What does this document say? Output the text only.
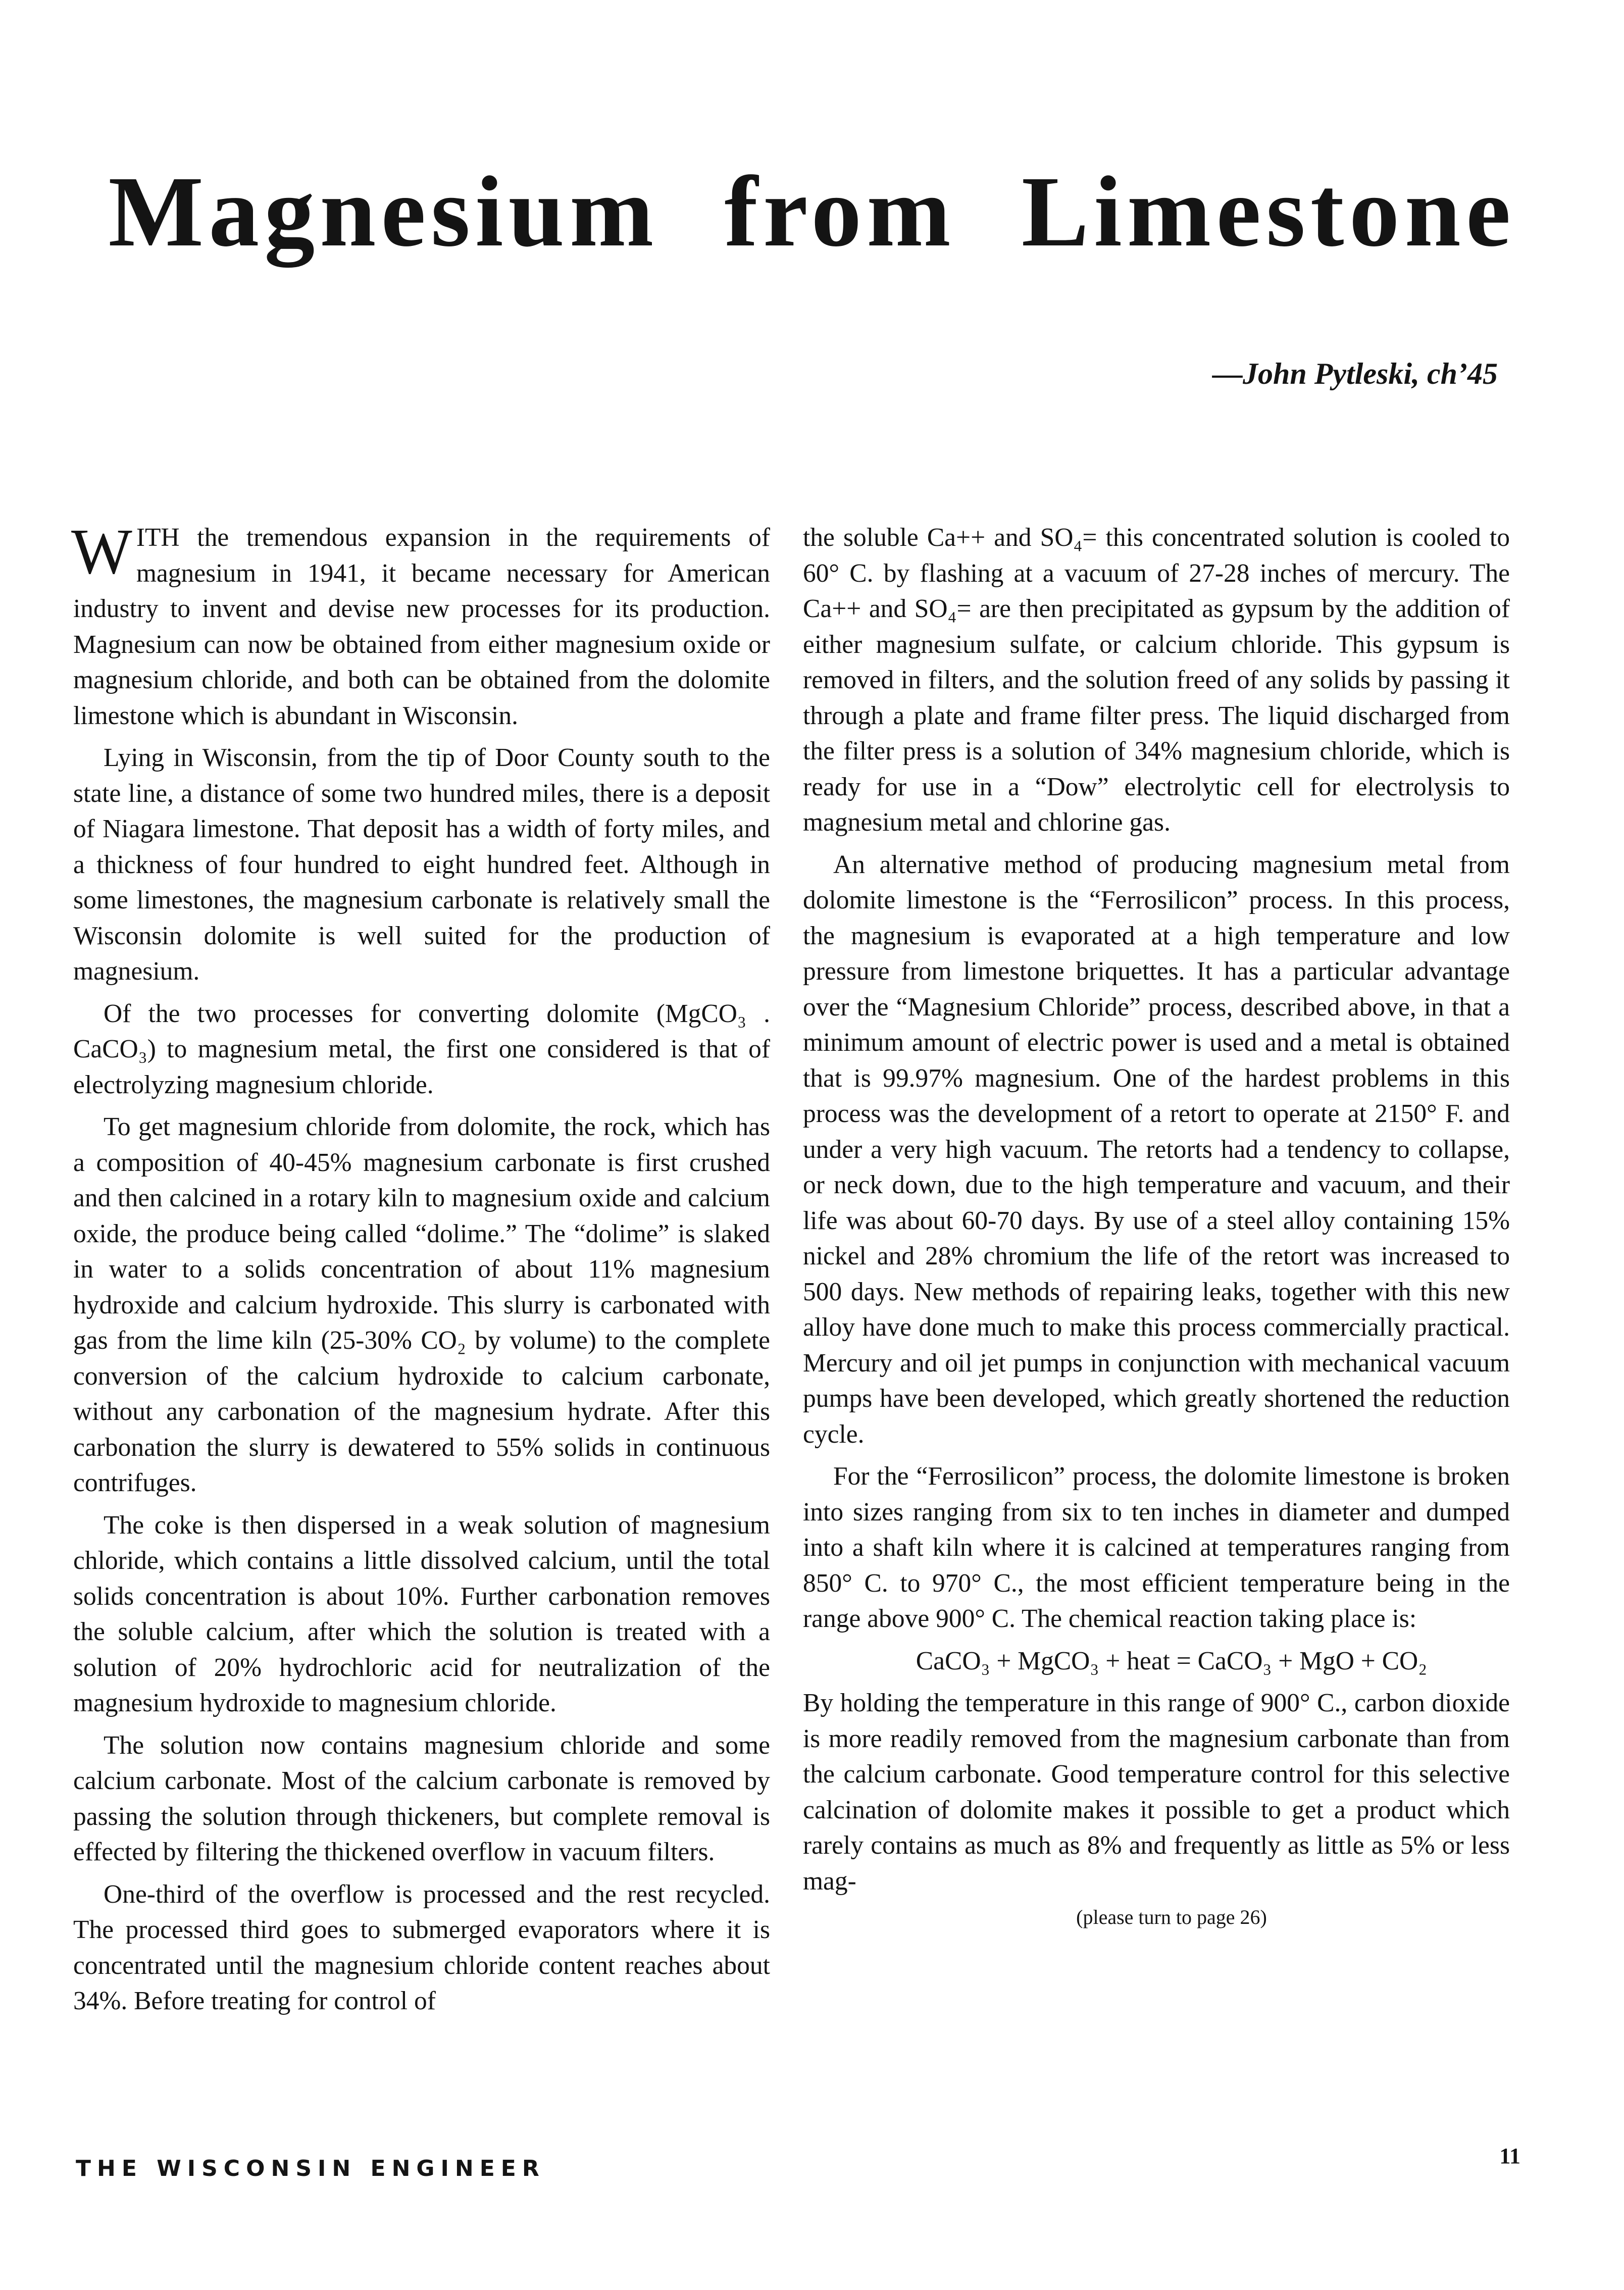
Magnesium from Limestone

—John Pytleski, ch’45

WITH the tremendous expansion in the requirements of magnesium in 1941, it became necessary for American industry to invent and devise new processes for its production. Magnesium can now be obtained from either magnesium oxide or magnesium chloride, and both can be obtained from the dolomite limestone which is abundant in Wisconsin.

Lying in Wisconsin, from the tip of Door County south to the state line, a distance of some two hundred miles, there is a deposit of Niagara limestone. That deposit has a width of forty miles, and a thickness of four hundred to eight hundred feet. Although in some limestones, the magnesium carbonate is relatively small the Wisconsin dolomite is well suited for the production of magnesium.

Of the two processes for converting dolomite (MgCO₃ . CaCO₃) to magnesium metal, the first one considered is that of electrolyzing magnesium chloride.

To get magnesium chloride from dolomite, the rock, which has a composition of 40-45% magnesium carbonate is first crushed and then calcined in a rotary kiln to magnesium oxide and calcium oxide, the produce being called “dolime.” The “dolime” is slaked in water to a solids concentration of about 11% magnesium hydroxide and calcium hydroxide. This slurry is carbonated with gas from the lime kiln (25-30% CO₂ by volume) to the complete conversion of the calcium hydroxide to calcium carbonate, without any carbonation of the magnesium hydrate. After this carbonation the slurry is dewatered to 55% solids in continuous contrifuges.

The coke is then dispersed in a weak solution of magnesium chloride, which contains a little dissolved calcium, until the total solids concentration is about 10%. Further carbonation removes the soluble calcium, after which the solution is treated with a solution of 20% hydrochloric acid for neutralization of the magnesium hydroxide to magnesium chloride.

The solution now contains magnesium chloride and some calcium carbonate. Most of the calcium carbonate is removed by passing the solution through thickeners, but complete removal is effected by filtering the thickened overflow in vacuum filters.

One-third of the overflow is processed and the rest recycled. The processed third goes to submerged evaporators where it is concentrated until the magnesium chloride content reaches about 34%. Before treating for control of

the soluble Ca++ and SO₄= this concentrated solution is cooled to 60° C. by flashing at a vacuum of 27-28 inches of mercury. The Ca++ and SO₄= are then precipitated as gypsum by the addition of either magnesium sulfate, or calcium chloride. This gypsum is removed in filters, and the solution freed of any solids by passing it through a plate and frame filter press. The liquid discharged from the filter press is a solution of 34% magnesium chloride, which is ready for use in a “Dow” electrolytic cell for electrolysis to magnesium metal and chlorine gas.

An alternative method of producing magnesium metal from dolomite limestone is the “Ferrosilicon” process. In this process, the magnesium is evaporated at a high temperature and low pressure from limestone briquettes. It has a particular advantage over the “Magnesium Chloride” process, described above, in that a minimum amount of electric power is used and a metal is obtained that is 99.97% magnesium. One of the hardest problems in this process was the development of a retort to operate at 2150° F. and under a very high vacuum. The retorts had a tendency to collapse, or neck down, due to the high temperature and vacuum, and their life was about 60-70 days. By use of a steel alloy containing 15% nickel and 28% chromium the life of the retort was increased to 500 days. New methods of repairing leaks, together with this new alloy have done much to make this process commercially practical. Mercury and oil jet pumps in conjunction with mechanical vacuum pumps have been developed, which greatly shortened the reduction cycle.

For the “Ferrosilicon” process, the dolomite limestone is broken into sizes ranging from six to ten inches in diameter and dumped into a shaft kiln where it is calcined at temperatures ranging from 850° C. to 970° C., the most efficient temperature being in the range above 900° C. The chemical reaction taking place is:

CaCO₃ + MgCO₃ + heat = CaCO₃ + MgO + CO₂

By holding the temperature in this range of 900° C., carbon dioxide is more readily removed from the magnesium carbonate than from the calcium carbonate. Good temperature control for this selective calcination of dolomite makes it possible to get a product which rarely contains as much as 8% and frequently as little as 5% or less mag-

(please turn to page 26)

THE WISCONSIN ENGINEER	11
